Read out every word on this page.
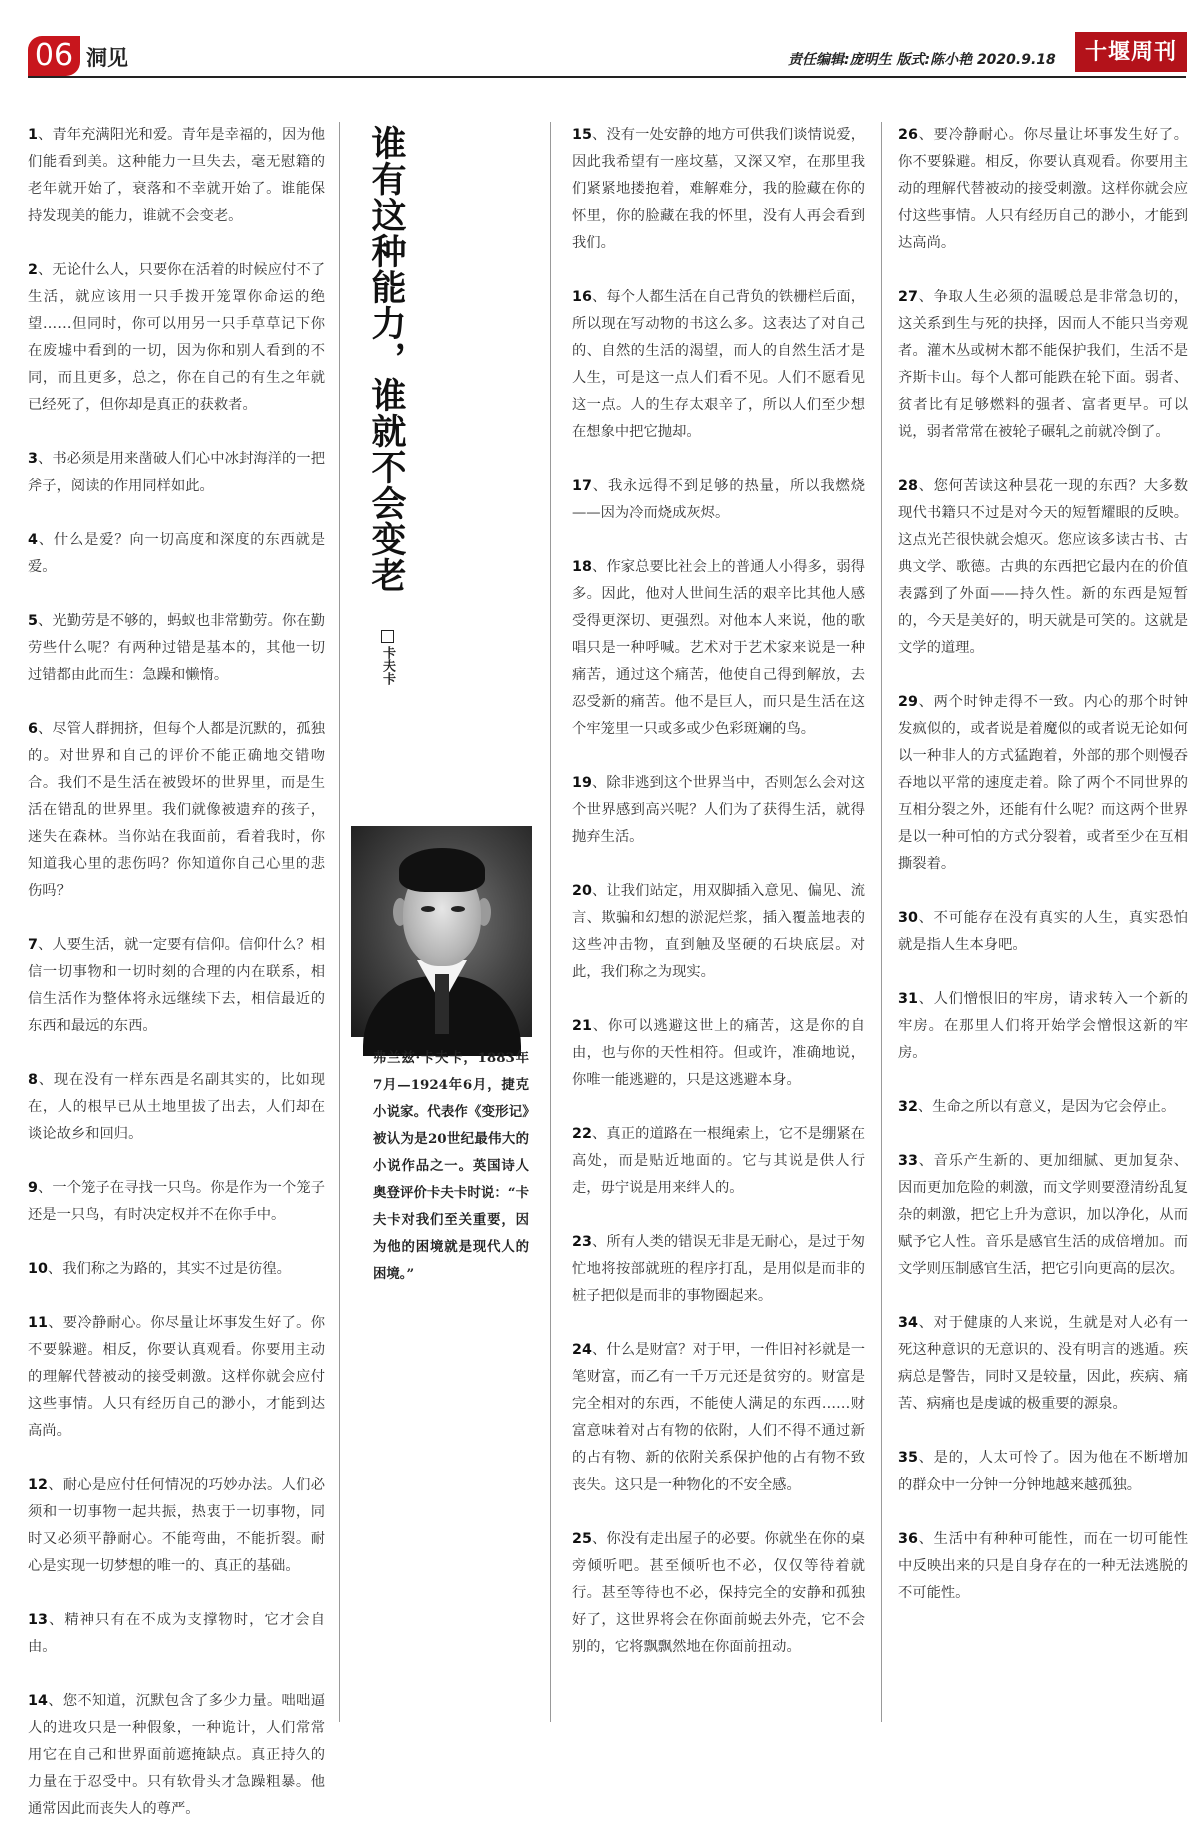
06 洞见	责任编辑:庞明生 版式:陈小艳 2020.9.18	十堰周刊

1、青年充满阳光和爱。青年是幸福的，因为他们能看到美。这种能力一旦失去，毫无慰籍的老年就开始了，衰落和不幸就开始了。谁能保持发现美的能力，谁就不会变老。

2、无论什么人，只要你在活着的时候应付不了生活，就应该用一只手拨开笼罩你命运的绝望……但同时，你可以用另一只手草草记下你在废墟中看到的一切，因为你和别人看到的不同，而且更多，总之，你在自己的有生之年就已经死了，但你却是真正的获救者。

3、书必须是用来凿破人们心中冰封海洋的一把斧子，阅读的作用同样如此。

4、什么是爱？向一切高度和深度的东西就是爱。

5、光勤劳是不够的，蚂蚁也非常勤劳。你在勤劳些什么呢？有两种过错是基本的，其他一切过错都由此而生：急躁和懒惰。

6、尽管人群拥挤，但每个人都是沉默的，孤独的。对世界和自己的评价不能正确地交错吻合。我们不是生活在被毁坏的世界里，而是生活在错乱的世界里。我们就像被遗弃的孩子，迷失在森林。当你站在我面前，看着我时，你知道我心里的悲伤吗？你知道你自己心里的悲伤吗？

7、人要生活，就一定要有信仰。信仰什么？相信一切事物和一切时刻的合理的内在联系，相信生活作为整体将永远继续下去，相信最近的东西和最远的东西。

8、现在没有一样东西是名副其实的，比如现在，人的根早已从土地里拔了出去，人们却在谈论故乡和回归。

9、一个笼子在寻找一只鸟。你是作为一个笼子还是一只鸟，有时决定权并不在你手中。

10、我们称之为路的，其实不过是彷徨。

11、要冷静耐心。你尽量让坏事发生好了。你不要躲避。相反，你要认真观看。你要用主动的理解代替被动的接受刺激。这样你就会应付这些事情。人只有经历自己的渺小，才能到达高尚。

12、耐心是应付任何情况的巧妙办法。人们必须和一切事物一起共振，热衷于一切事物，同时又必须平静耐心。不能弯曲，不能折裂。耐心是实现一切梦想的唯一的、真正的基础。

13、精神只有在不成为支撑物时，它才会自由。

14、您不知道，沉默包含了多少力量。咄咄逼人的进攻只是一种假象，一种诡计，人们常常用它在自己和世界面前遮掩缺点。真正持久的力量在于忍受中。只有软骨头才急躁粗暴。他通常因此而丧失人的尊严。

谁有这种能力，谁就不会变老
卡夫卡
弗兰兹·卡夫卡，1883年7月—1924年6月，捷克小说家。代表作《变形记》被认为是20世纪最伟大的小说作品之一。英国诗人奥登评价卡夫卡时说：“卡夫卡对我们至关重要，因为他的困境就是现代人的困境。”

15、没有一处安静的地方可供我们谈情说爱，因此我希望有一座坟墓，又深又窄，在那里我们紧紧地搂抱着，难解难分，我的脸藏在你的怀里，你的脸藏在我的怀里，没有人再会看到我们。

16、每个人都生活在自己背负的铁栅栏后面，所以现在写动物的书这么多。这表达了对自己的、自然的生活的渴望，而人的自然生活才是人生，可是这一点人们看不见。人们不愿看见这一点。人的生存太艰辛了，所以人们至少想在想象中把它抛却。

17、我永远得不到足够的热量，所以我燃烧——因为冷而烧成灰烬。

18、作家总要比社会上的普通人小得多，弱得多。因此，他对人世间生活的艰辛比其他人感受得更深切、更强烈。对他本人来说，他的歌唱只是一种呼喊。艺术对于艺术家来说是一种痛苦，通过这个痛苦，他使自己得到解放，去忍受新的痛苦。他不是巨人，而只是生活在这个牢笼里一只或多或少色彩斑斓的鸟。

19、除非逃到这个世界当中，否则怎么会对这个世界感到高兴呢？人们为了获得生活，就得抛弃生活。

20、让我们站定，用双脚插入意见、偏见、流言、欺骗和幻想的淤泥烂浆，插入覆盖地表的这些冲击物，直到触及坚硬的石块底层。对此，我们称之为现实。

21、你可以逃避这世上的痛苦，这是你的自由，也与你的天性相符。但或许，准确地说，你唯一能逃避的，只是这逃避本身。

22、真正的道路在一根绳索上，它不是绷紧在高处，而是贴近地面的。它与其说是供人行走，毋宁说是用来绊人的。

23、所有人类的错误无非是无耐心，是过于匆忙地将按部就班的程序打乱，是用似是而非的桩子把似是而非的事物圈起来。

24、什么是财富？对于甲，一件旧衬衫就是一笔财富，而乙有一千万元还是贫穷的。财富是完全相对的东西，不能使人满足的东西……财富意味着对占有物的依附，人们不得不通过新的占有物、新的依附关系保护他的占有物不致丧失。这只是一种物化的不安全感。

25、你没有走出屋子的必要。你就坐在你的桌旁倾听吧。甚至倾听也不必，仅仅等待着就行。甚至等待也不必，保持完全的安静和孤独好了，这世界将会在你面前蜕去外壳，它不会别的，它将飘飘然地在你面前扭动。

26、要冷静耐心。你尽量让坏事发生好了。你不要躲避。相反，你要认真观看。你要用主动的理解代替被动的接受刺激。这样你就会应付这些事情。人只有经历自己的渺小，才能到达高尚。

27、争取人生必须的温暖总是非常急切的，这关系到生与死的抉择，因而人不能只当旁观者。灌木丛或树木都不能保护我们，生活不是齐斯卡山。每个人都可能跌在轮下面。弱者、贫者比有足够燃料的强者、富者更早。可以说，弱者常常在被轮子碾轧之前就冷倒了。

28、您何苦读这种昙花一现的东西？大多数现代书籍只不过是对今天的短暂耀眼的反映。这点光芒很快就会熄灭。您应该多读古书、古典文学、歌德。古典的东西把它最内在的价值表露到了外面——持久性。新的东西是短暂的，今天是美好的，明天就是可笑的。这就是文学的道理。

29、两个时钟走得不一致。内心的那个时钟发疯似的，或者说是着魔似的或者说无论如何以一种非人的方式猛跑着，外部的那个则慢吞吞地以平常的速度走着。除了两个不同世界的互相分裂之外，还能有什么呢？而这两个世界是以一种可怕的方式分裂着，或者至少在互相撕裂着。

30、不可能存在没有真实的人生，真实恐怕就是指人生本身吧。

31、人们憎恨旧的牢房，请求转入一个新的牢房。在那里人们将开始学会憎恨这新的牢房。

32、生命之所以有意义，是因为它会停止。

33、音乐产生新的、更加细腻、更加复杂、因而更加危险的刺激，而文学则要澄清纷乱复杂的刺激，把它上升为意识，加以净化，从而赋予它人性。音乐是感官生活的成倍增加。而文学则压制感官生活，把它引向更高的层次。

34、对于健康的人来说，生就是对人必有一死这种意识的无意识的、没有明言的逃遁。疾病总是警告，同时又是较量，因此，疾病、痛苦、病痛也是虔诚的极重要的源泉。

35、是的，人太可怜了。因为他在不断增加的群众中一分钟一分钟地越来越孤独。

36、生活中有种种可能性，而在一切可能性中反映出来的只是自身存在的一种无法逃脱的不可能性。
